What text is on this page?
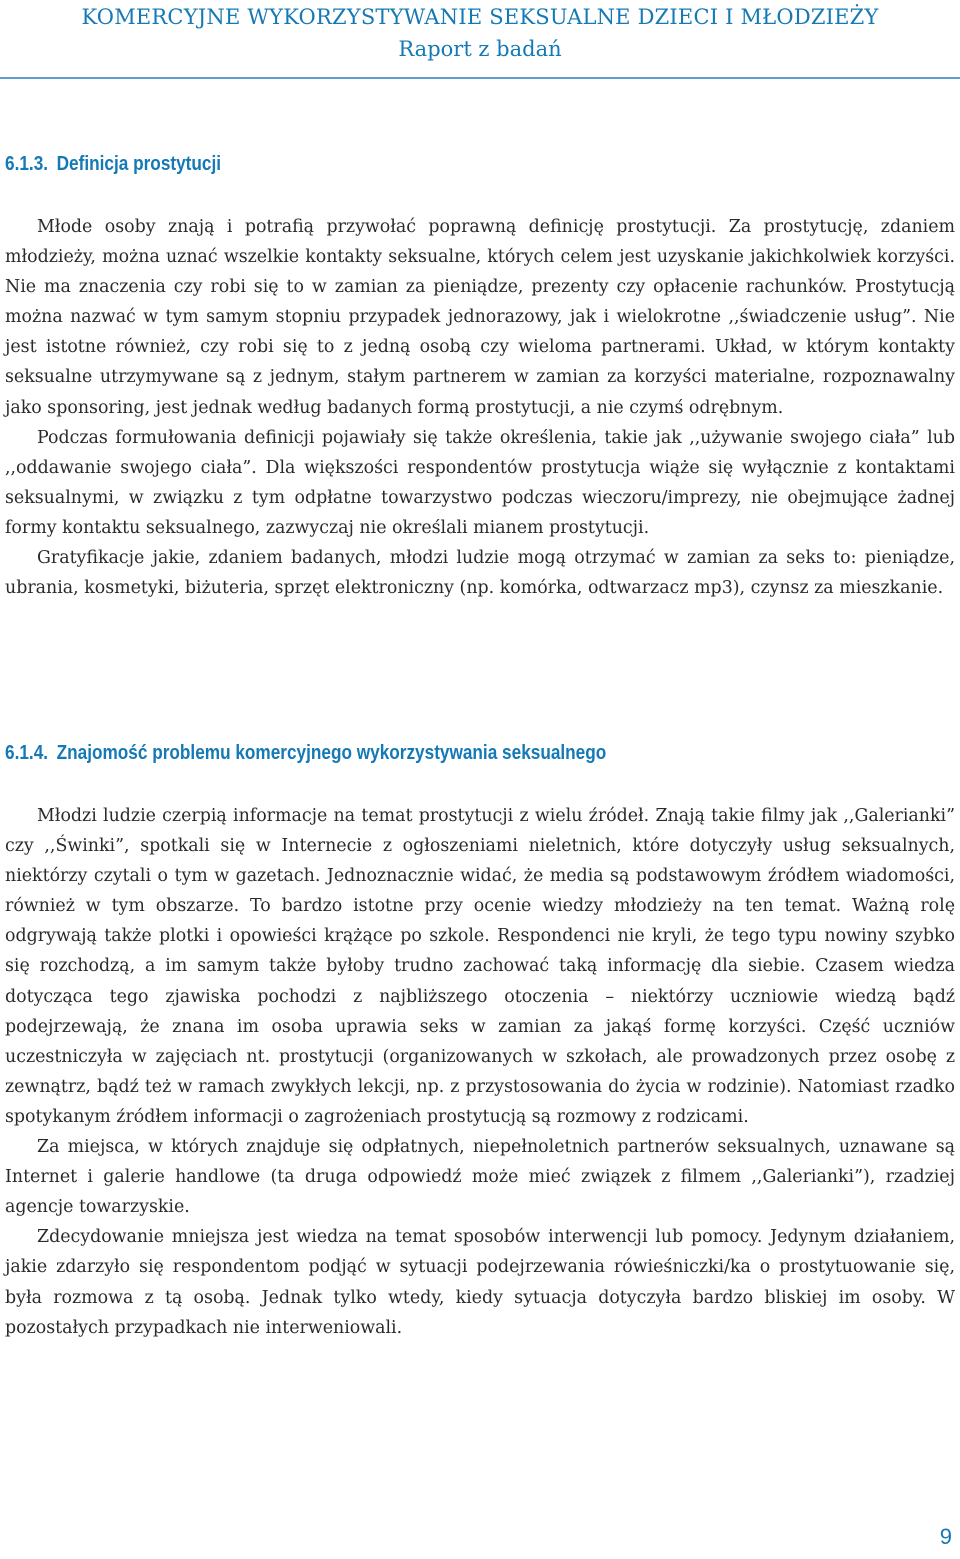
KOMERCYJNE WYKORZYSTYWANIE SEKSUALNE DZIECI I MŁODZIEŻY
Raport z badań
6.1.3. Definicja prostytucji

Młode osoby znają i potrafią przywołać poprawną definicję prostytucji. Za prostytucję, zdaniem młodzieży, można uznać wszelkie kontakty seksualne, których celem jest uzyskanie jakichkolwiek korzyści. Nie ma znaczenia czy robi się to w zamian za pieniądze, prezenty czy opłacenie rachunków. Prostytucją można nazwać w tym samym stopniu przypadek jednorazowy, jak i wielokrotne ,,świadczenie usług”. Nie jest istotne również, czy robi się to z jedną osobą czy wieloma partnerami. Układ, w którym kontakty seksualne utrzymywane są z jednym, stałym partnerem w zamian za korzyści materialne, rozpoznawalny jako sponsoring, jest jednak według badanych formą prostytucji, a nie czymś odrębnym.

Podczas formułowania definicji pojawiały się także określenia, takie jak ,,używanie swojego ciała” lub ,,oddawanie swojego ciała”. Dla większości respondentów prostytucja wiąże się wyłącznie z kontaktami seksualnymi, w związku z tym odpłatne towarzystwo podczas wieczoru/imprezy, nie obejmujące żadnej formy kontaktu seksualnego, zazwyczaj nie określali mianem prostytucji.

Gratyfikacje jakie, zdaniem badanych, młodzi ludzie mogą otrzymać w zamian za seks to: pieniądze, ubrania, kosmetyki, biżuteria, sprzęt elektroniczny (np. komórka, odtwarzacz mp3), czynsz za mieszkanie.

6.1.4. Znajomość problemu komercyjnego wykorzystywania seksualnego

Młodzi ludzie czerpią informacje na temat prostytucji z wielu źródeł. Znają takie filmy jak ,,Galerianki” czy ,,Świnki”, spotkali się w Internecie z ogłoszeniami nieletnich, które dotyczyły usług seksualnych, niektórzy czytali o tym w gazetach. Jednoznacznie widać, że media są podstawowym źródłem wiadomości, również w tym obszarze. To bardzo istotne przy ocenie wiedzy młodzieży na ten temat. Ważną rolę odgrywają także plotki i opowieści krążące po szkole. Respondenci nie kryli, że tego typu nowiny szybko się rozchodzą, a im samym także byłoby trudno zachować taką informację dla siebie. Czasem wiedza dotycząca tego zjawiska pochodzi z najbliższego otoczenia – niektórzy uczniowie wiedzą bądź podejrzewają, że znana im osoba uprawia seks w zamian za jakąś formę korzyści. Część uczniów uczestniczyła w zajęciach nt. prostytucji (organizowanych w szkołach, ale prowadzonych przez osobę z zewnątrz, bądź też w ramach zwykłych lekcji, np. z przystosowania do życia w rodzinie). Natomiast rzadko spotykanym źródłem informacji o zagrożeniach prostytucją są rozmowy z rodzicami.

Za miejsca, w których znajduje się odpłatnych, niepełnoletnich partnerów seksualnych, uznawane są Internet i galerie handlowe (ta druga odpowiedź może mieć związek z filmem ,,Galerianki”), rzadziej agencje towarzyskie.

Zdecydowanie mniejsza jest wiedza na temat sposobów interwencji lub pomocy. Jedynym działaniem, jakie zdarzyło się respondentom podjąć w sytuacji podejrzewania rówieśniczki/ka o prostytuowanie się, była rozmowa z tą osobą. Jednak tylko wtedy, kiedy sytuacja dotyczyła bardzo bliskiej im osoby. W pozostałych przypadkach nie interweniowali.

9
